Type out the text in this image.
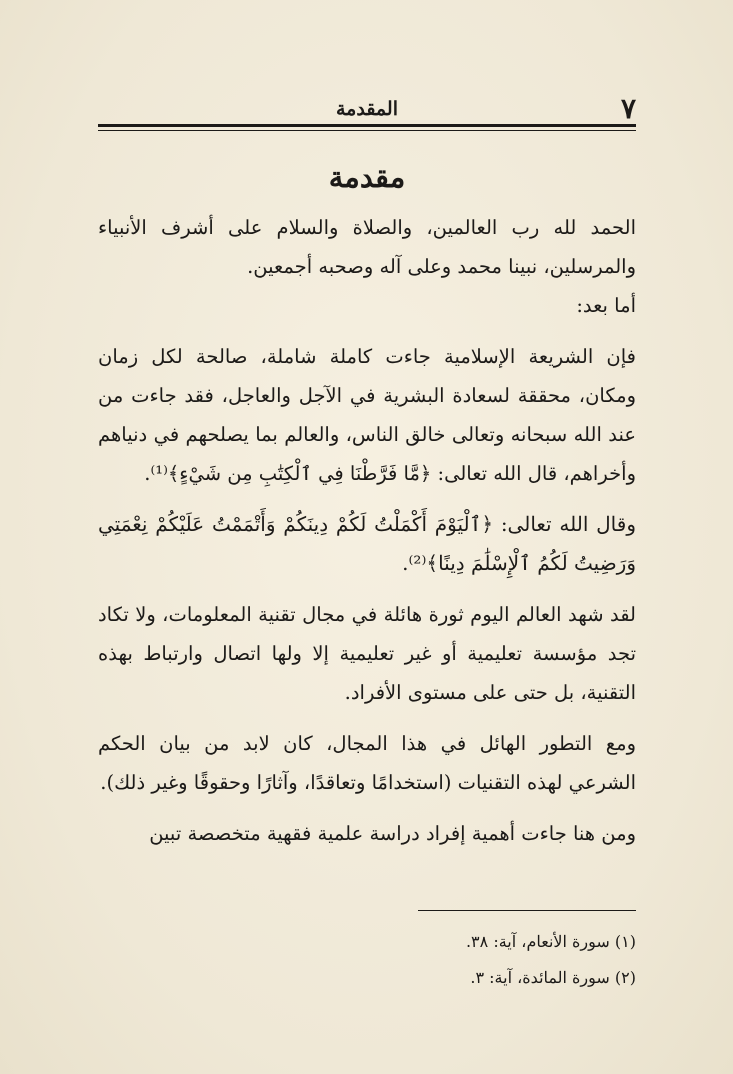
المقدمة	٧
مقدمة

الحمد لله رب العالمين، والصلاة والسلام على أشرف الأنبياء والمرسلين، نبينا محمد وعلى آله وصحبه أجمعين.

أما بعد:

فإن الشريعة الإسلامية جاءت كاملة شاملة، صالحة لكل زمان ومكان، محققة لسعادة البشرية في الآجل والعاجل، فقد جاءت من عند الله سبحانه وتعالى خالق الناس، والعالم بما يصلحهم في دنياهم وأخراهم، قال الله تعالى: ﴿مَّا فَرَّطْنَا فِي ٱلْكِتَٰبِ مِن شَيْءٍ﴾⁽¹⁾.

وقال الله تعالى: ﴿ٱلْيَوْمَ أَكْمَلْتُ لَكُمْ دِينَكُمْ وَأَتْمَمْتُ عَلَيْكُمْ نِعْمَتِي وَرَضِيتُ لَكُمُ ٱلْإِسْلَٰمَ دِينًا﴾⁽²⁾.

لقد شهد العالم اليوم ثورة هائلة في مجال تقنية المعلومات، ولا تكاد تجد مؤسسة تعليمية أو غير تعليمية إلا ولها اتصال وارتباط بهذه التقنية، بل حتى على مستوى الأفراد.

ومع التطور الهائل في هذا المجال، كان لابد من بيان الحكم الشرعي لهذه التقنيات (استخدامًا وتعاقدًا، وآثارًا وحقوقًا وغير ذلك).

ومن هنا جاءت أهمية إفراد دراسة علمية فقهية متخصصة تبين

(١) سورة الأنعام، آية: ٣٨.
(٢) سورة المائدة، آية: ٣.
